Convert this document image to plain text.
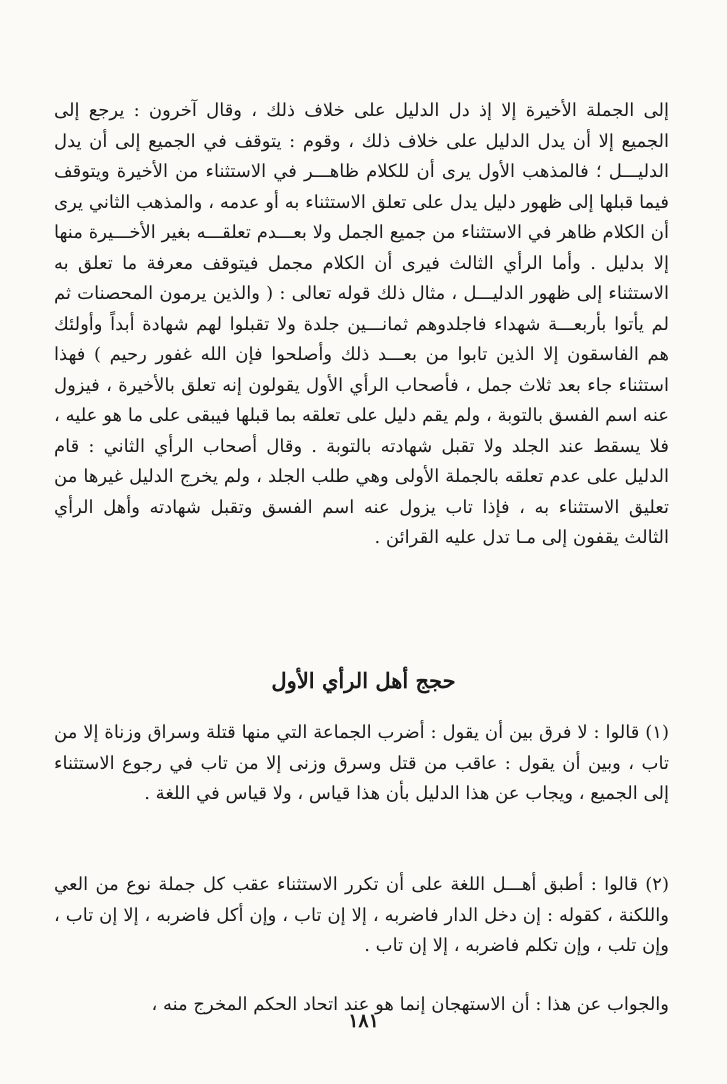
إلى الجملة الأخيرة إلا إذ دل الدليل على خلاف ذلك ، وقال آخرون : يرجع إلى الجميع إلا أن يدل الدليل على خلاف ذلك ، وقوم : يتوقف في الجميع إلى أن يدل الدليـــل ؛ فالمذهب الأول يرى أن للكلام ظاهـــر في الاستثناء من الأخيرة ويتوقف فيما قبلها إلى ظهور دليل يدل على تعلق الاستثناء به أو عدمه ، والمذهب الثاني يرى أن الكلام ظاهر في الاستثناء من جميع الجمل ولا بعـــدم تعلقـــه بغير الأخـــيرة منها إلا بدليل . وأما الرأي الثالث فيرى أن الكلام مجمل فيتوقف معرفة ما تعلق به الاستثناء إلى ظهور الدليـــل ، مثال ذلك قوله تعالى : ( والذين يرمون المحصنات ثم لم يأتوا بأربعـــة شهداء فاجلدوهم ثمانـــين جلدة ولا تقبلوا لهم شهادة أبداً وأولئك هم الفاسقون إلا الذين تابوا من بعـــد ذلك وأصلحوا فإن الله غفور رحيم ) فهذا استثناء جاء بعد ثلاث جمل ، فأصحاب الرأي الأول يقولون إنه تعلق بالأخيرة ، فيزول عنه اسم الفسق بالتوبة ، ولم يقم دليل على تعلقه بما قبلها فيبقى على ما هو عليه ، فلا يسقط عند الجلد ولا تقبل شهادته بالتوبة . وقال أصحاب الرأي الثاني : قام الدليل على عدم تعلقه بالجملة الأولى وهي طلب الجلد ، ولم يخرج الدليل غيرها من تعليق الاستثناء به ، فإذا تاب يزول عنه اسم الفسق وتقبل شهادته وأهل الرأي الثالث يقفون إلى مـا تدل عليه القرائن .
حجج أهل الرأي الأول
(١) قالوا : لا فرق بين أن يقول : أضرب الجماعة التي منها قتلة وسراق وزناة إلا من تاب ، وبين أن يقول : عاقب من قتل وسرق وزنى إلا من تاب في رجوع الاستثناء إلى الجميع ، ويجاب عن هذا الدليل بأن هذا قياس ، ولا قياس في اللغة .
(٢) قالوا : أطبق أهـــل اللغة على أن تكرر الاستثناء عقب كل جملة نوع من العي واللكنة ، كقوله : إن دخل الدار فاضربه ، إلا إن تاب ، وإن أكل فاضربه ، إلا إن تاب ، وإن تلب ، وإن تكلم فاضربه ، إلا إن تاب .
والجواب عن هذا : أن الاستهجان إنما هو عند اتحاد الحكم المخرج منه ،
١٨١
